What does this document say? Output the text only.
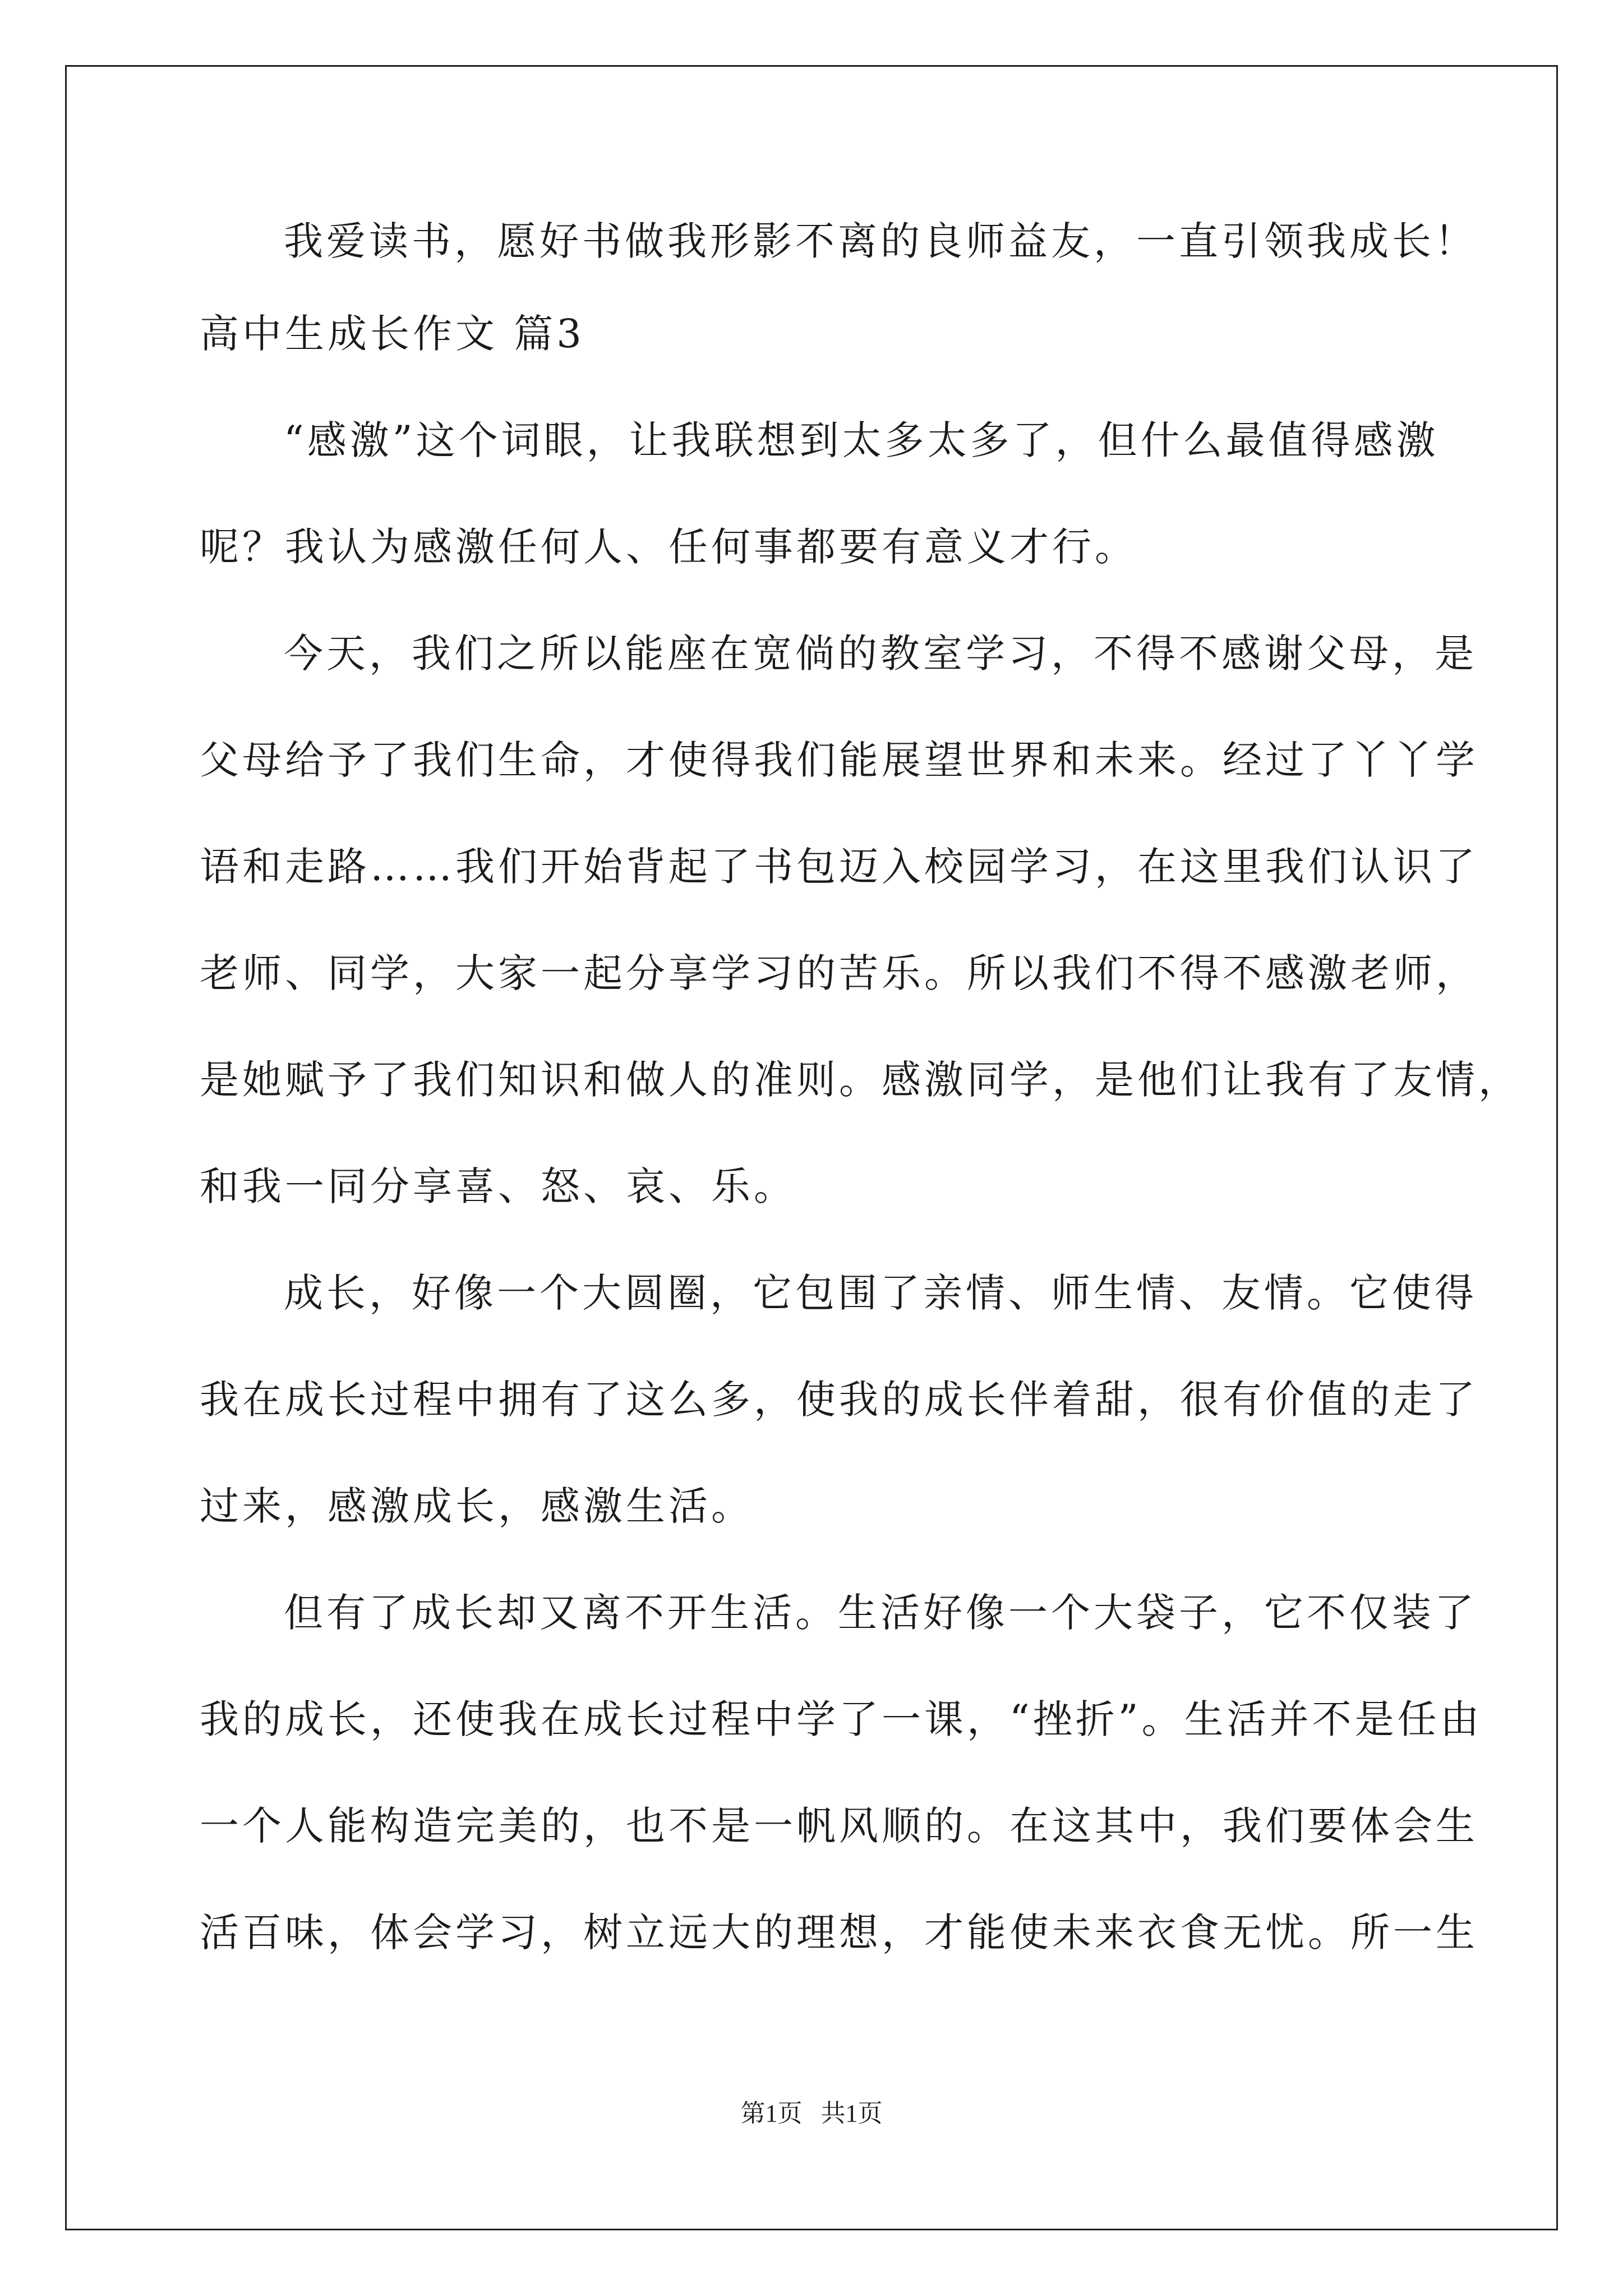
我爱读书，愿好书做我形影不离的良师益友，一直引领我成长！
高中生成长作文 篇3
“感激”这个词眼，让我联想到太多太多了，但什么最值得感激
呢？我认为感激任何人、任何事都要有意义才行。
今天，我们之所以能座在宽倘的教室学习，不得不感谢父母，是
父母给予了我们生命，才使得我们能展望世界和未来。经过了丫丫学
语和走路……我们开始背起了书包迈入校园学习，在这里我们认识了
老师、同学，大家一起分享学习的苦乐。所以我们不得不感激老师，
是她赋予了我们知识和做人的准则。感激同学，是他们让我有了友情，
和我一同分享喜、怒、哀、乐。
成长，好像一个大圆圈，它包围了亲情、师生情、友情。它使得
我在成长过程中拥有了这么多，使我的成长伴着甜，很有价值的走了
过来，感激成长，感激生活。
但有了成长却又离不开生活。生活好像一个大袋子，它不仅装了
我的成长，还使我在成长过程中学了一课，“挫折”。生活并不是任由
一个人能构造完美的，也不是一帆风顺的。在这其中，我们要体会生
活百味，体会学习，树立远大的理想，才能使未来衣食无忧。所一生
第1页   共1页
